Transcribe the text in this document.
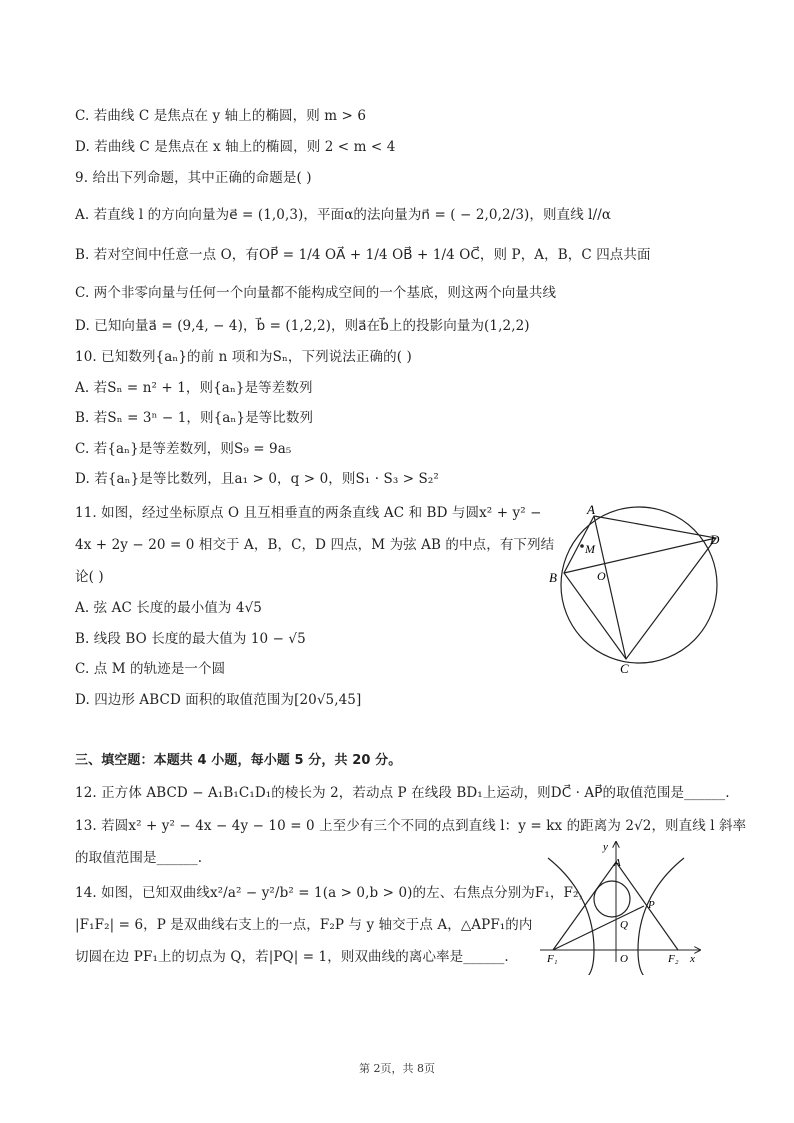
C. 若曲线 C 是焦点在 y 轴上的椭圆，则 m > 6
D. 若曲线 C 是焦点在 x 轴上的椭圆，则 2 < m < 4
9. 给出下列命题，其中正确的命题是( )
A. 若直线 l 的方向向量为e⃗ = (1,0,3)，平面α的法向量为n⃗ = ( − 2,0,2/3)，则直线 l//α
B. 若对空间中任意一点 O，有OP⃗ = 1/4 OA⃗ + 1/4 OB⃗ + 1/4 OC⃗，则 P，A，B，C 四点共面
C. 两个非零向量与任何一个向量都不能构成空间的一个基底，则这两个向量共线
D. 已知向量a⃗ = (9,4, − 4)，b⃗ = (1,2,2)，则a⃗在b⃗上的投影向量为(1,2,2)
10. 已知数列{aₙ}的前 n 项和为Sₙ，下列说法正确的( )
A. 若Sₙ = n² + 1，则{aₙ}是等差数列
B. 若Sₙ = 3ⁿ − 1，则{aₙ}是等比数列
C. 若{aₙ}是等差数列，则S₉ = 9a₅
D. 若{aₙ}是等比数列，且a₁ > 0，q > 0，则S₁ · S₃ > S₂²
11. 如图，经过坐标原点 O 且互相垂直的两条直线 AC 和 BD 与圆x² + y² −
4x + 2y − 20 = 0 相交于 A，B，C，D 四点，M 为弦 AB 的中点，有下列结
论( )
A. 弦 AC 长度的最小值为 4√5
B. 线段 BO 长度的最大值为 10 − √5
C. 点 M 的轨迹是一个圆
D. 四边形 ABCD 面积的取值范围为[20√5,45]
三、填空题：本题共 4 小题，每小题 5 分，共 20 分。
12. 正方体 ABCD − A₁B₁C₁D₁的棱长为 2，若动点 P 在线段 BD₁上运动，则DC⃗ · AP⃗的取值范围是______.
13. 若圆x² + y² − 4x − 4y − 10 = 0 上至少有三个不同的点到直线 l：y = kx 的距离为 2√2，则直线 l 斜率
的取值范围是______.
14. 如图，已知双曲线x²/a² − y²/b² = 1(a > 0,b > 0)的左、右焦点分别为F₁，F₂，
|F₁F₂| = 6，P 是双曲线右支上的一点，F₂P 与 y 轴交于点 A，△APF₁的内
切圆在边 PF₁上的切点为 Q，若|PQ| = 1，则双曲线的离心率是______.
A
B
C
D
O
M
y
x
A
P
Q
O
F₁	F₂
第 2页，共 8页
